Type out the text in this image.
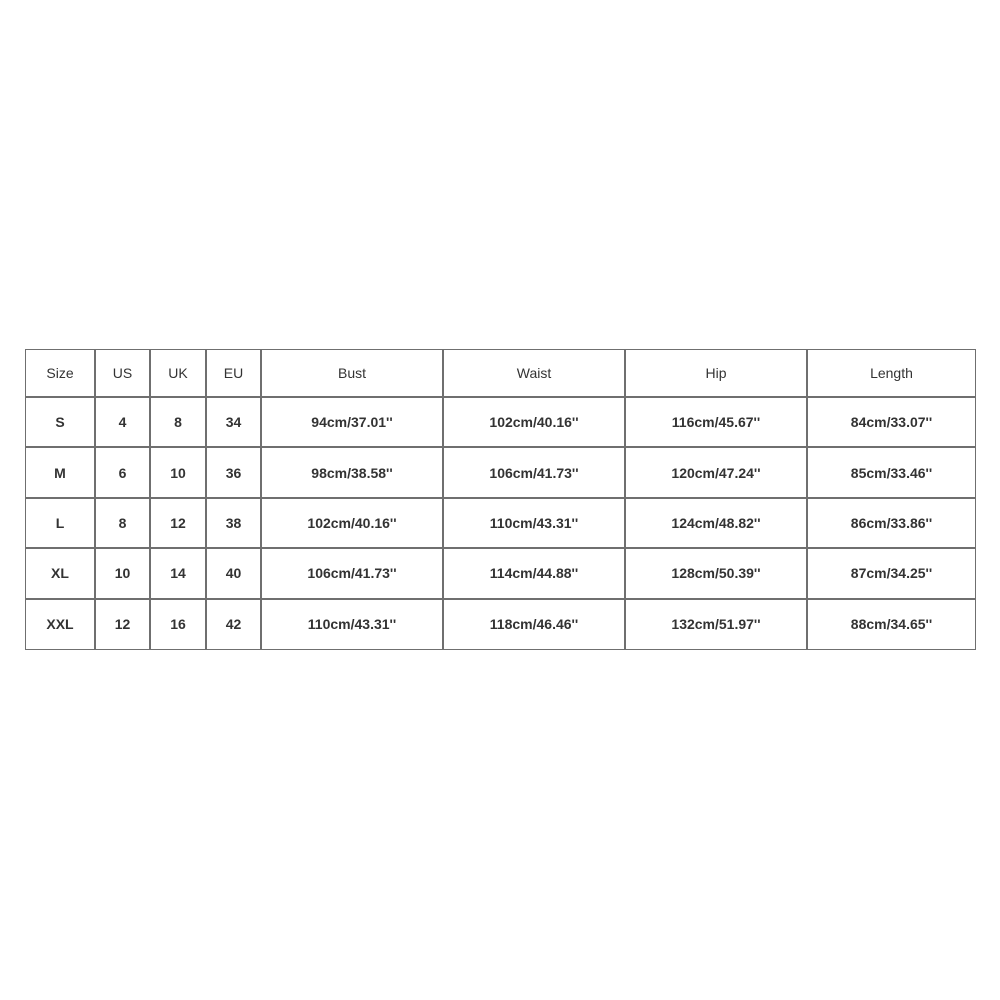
Size	US	UK	EU	Bust	Waist	Hip	Length
S	4	8	34	94cm/37.01''	102cm/40.16''	116cm/45.67''	84cm/33.07''
M	6	10	36	98cm/38.58''	106cm/41.73''	120cm/47.24''	85cm/33.46''
L	8	12	38	102cm/40.16''	110cm/43.31''	124cm/48.82''	86cm/33.86''
XL	10	14	40	106cm/41.73''	114cm/44.88''	128cm/50.39''	87cm/34.25''
XXL	12	16	42	110cm/43.31''	118cm/46.46''	132cm/51.97''	88cm/34.65''
